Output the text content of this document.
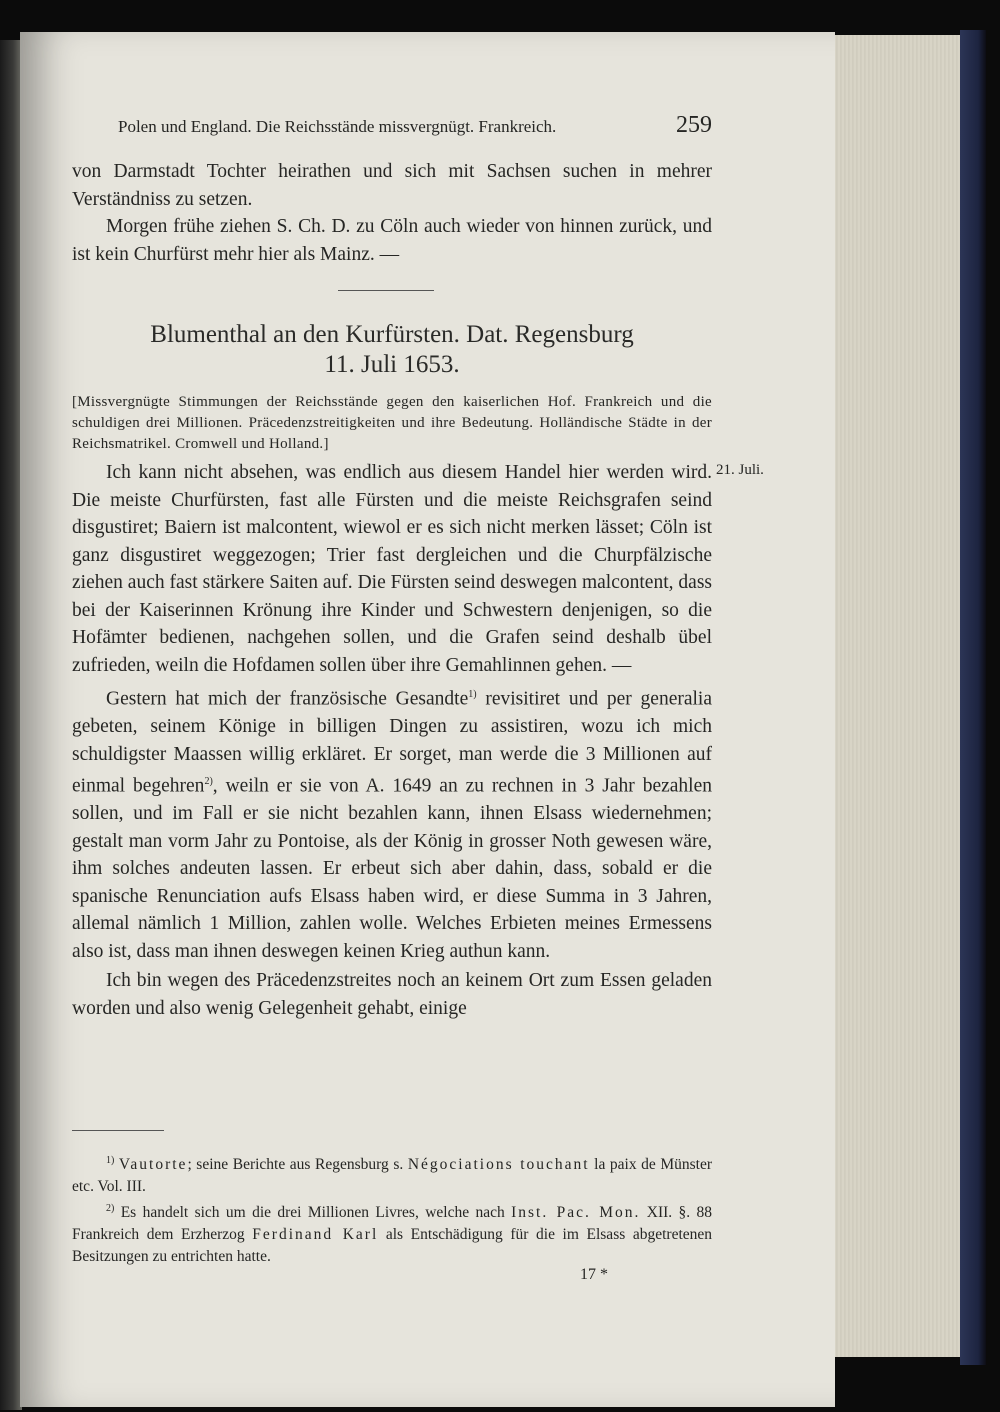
Polen und England. Die Reichsstände missvergnügt. Frankreich.	259

von Darmstadt Tochter heirathen und sich mit Sachsen suchen in mehrer Verständniss zu setzen.

Morgen frühe ziehen S. Ch. D. zu Cöln auch wieder von hinnen zurück, und ist kein Churfürst mehr hier als Mainz. —

Blumenthal an den Kurfürsten. Dat. Regensburg
11. Juli 1653.
[Missvergnügte Stimmungen der Reichsstände gegen den kaiserlichen Hof. Frankreich und die schuldigen drei Millionen. Präcedenzstreitigkeiten und ihre Bedeutung. Holländische Städte in der Reichsmatrikel. Cromwell und Holland.]
21. Juli.

Ich kann nicht absehen, was endlich aus diesem Handel hier werden wird. Die meiste Churfürsten, fast alle Fürsten und die meiste Reichsgrafen seind disgustiret; Baiern ist malcontent, wiewol er es sich nicht merken lässet; Cöln ist ganz disgustiret weggezogen; Trier fast dergleichen und die Churpfälzische ziehen auch fast stärkere Saiten auf. Die Fürsten seind deswegen malcontent, dass bei der Kaiserinnen Krönung ihre Kinder und Schwestern denjenigen, so die Hofämter bedienen, nachgehen sollen, und die Grafen seind deshalb übel zufrieden, weiln die Hofdamen sollen über ihre Gemahlinnen gehen. —

Gestern hat mich der französische Gesandte$^{1)}$ revisitiret und per generalia gebeten, seinem Könige in billigen Dingen zu assistiren, wozu ich mich schuldigster Maassen willig erkläret. Er sorget, man werde die 3 Millionen auf einmal begehren$^{2)}$, weiln er sie von A. 1649 an zu rechnen in 3 Jahr bezahlen sollen, und im Fall er sie nicht bezahlen kann, ihnen Elsass wiedernehmen; gestalt man vorm Jahr zu Pontoise, als der König in grosser Noth gewesen wäre, ihm solches andeuten lassen. Er erbeut sich aber dahin, dass, sobald er die spanische Renunciation aufs Elsass haben wird, er diese Summa in 3 Jahren, allemal nämlich 1 Million, zahlen wolle. Welches Erbieten meines Ermessens also ist, dass man ihnen deswegen keinen Krieg authun kann.

Ich bin wegen des Präcedenzstreites noch an keinem Ort zum Essen geladen worden und also wenig Gelegenheit gehabt, einige

$^{1)}$ Vautorte; seine Berichte aus Regensburg s. Négociations touchant la paix de Münster etc. Vol. III.

$^{2)}$ Es handelt sich um die drei Millionen Livres, welche nach Inst. Pac. Mon. XII. §. 88 Frankreich dem Erzherzog Ferdinand Karl als Entschädigung für die im Elsass abgetretenen Besitzungen zu entrichten hatte.

17 *
